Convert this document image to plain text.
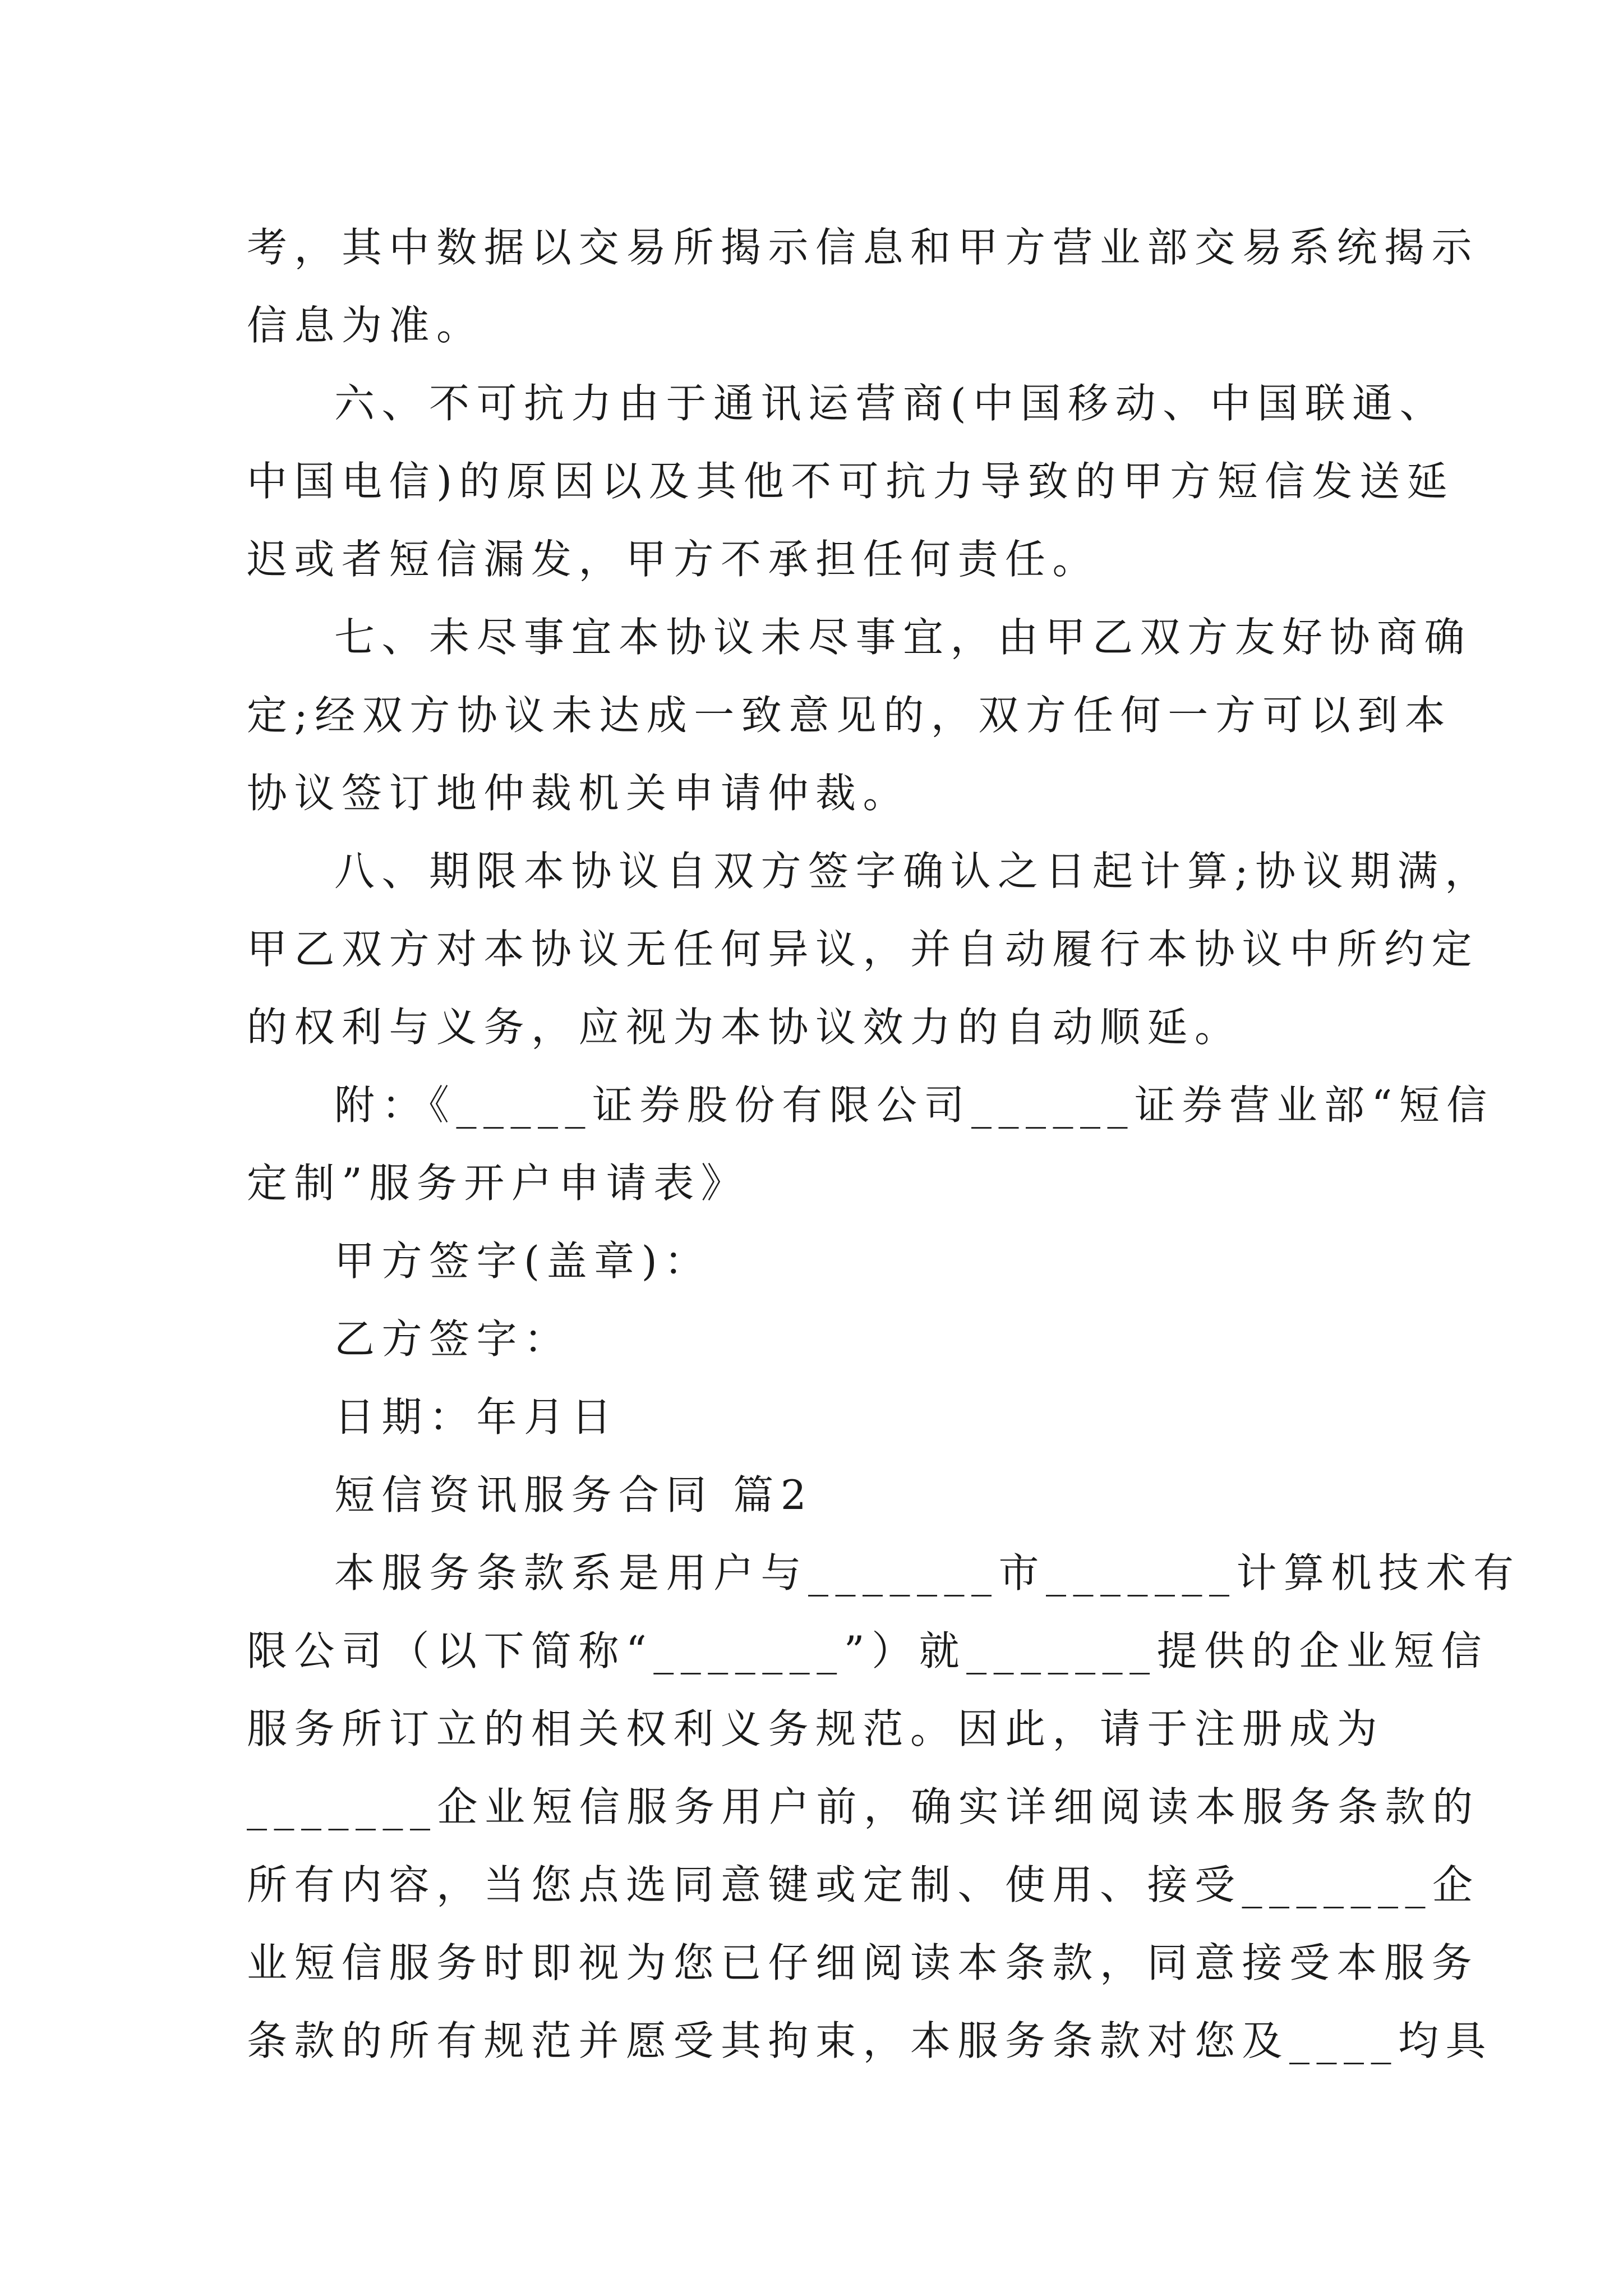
考，其中数据以交易所揭示信息和甲方营业部交易系统揭示
信息为准。
六、不可抗力由于通讯运营商(中国移动、中国联通、
中国电信)的原因以及其他不可抗力导致的甲方短信发送延
迟或者短信漏发，甲方不承担任何责任。
七、未尽事宜本协议未尽事宜，由甲乙双方友好协商确
定;经双方协议未达成一致意见的，双方任何一方可以到本
协议签订地仲裁机关申请仲裁。
八、期限本协议自双方签字确认之日起计算;协议期满，
甲乙双方对本协议无任何异议，并自动履行本协议中所约定
的权利与义务，应视为本协议效力的自动顺延。
附：《_____证券股份有限公司______证券营业部“短信
定制”服务开户申请表》
甲方签字(盖章)：
乙方签字：
日期：年月日
短信资讯服务合同 篇2
本服务条款系是用户与_______市_______计算机技术有
限公司（以下简称“_______”）就_______提供的企业短信
服务所订立的相关权利义务规范。因此，请于注册成为
_______企业短信服务用户前，确实详细阅读本服务条款的
所有内容，当您点选同意键或定制、使用、接受_______企
业短信服务时即视为您已仔细阅读本条款，同意接受本服务
条款的所有规范并愿受其拘束，本服务条款对您及____均具
